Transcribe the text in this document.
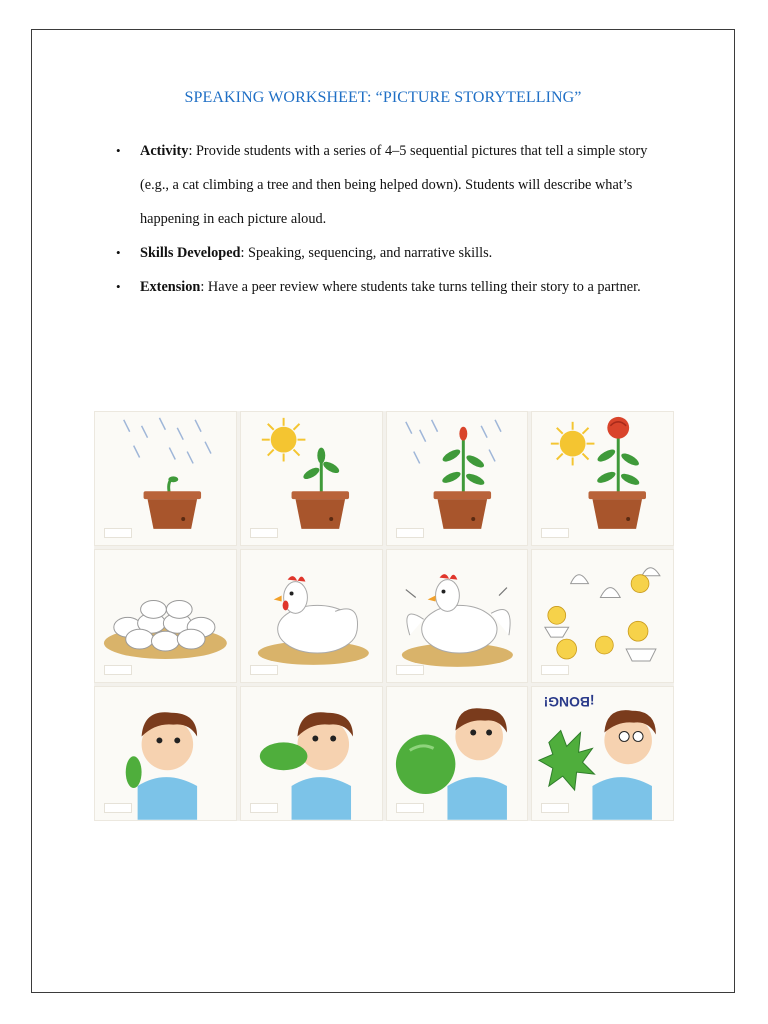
SPEAKING WORKSHEET: “PICTURE STORYTELLING”
• Activity: Provide students with a series of 4–5 sequential pictures that tell a simple story (e.g., a cat climbing a tree and then being helped down). Students will describe what’s happening in each picture aloud.
• Skills Developed: Speaking, sequencing, and narrative skills.
• Extension: Have a peer review where students take turns telling their story to a partner.
¡BONG!
